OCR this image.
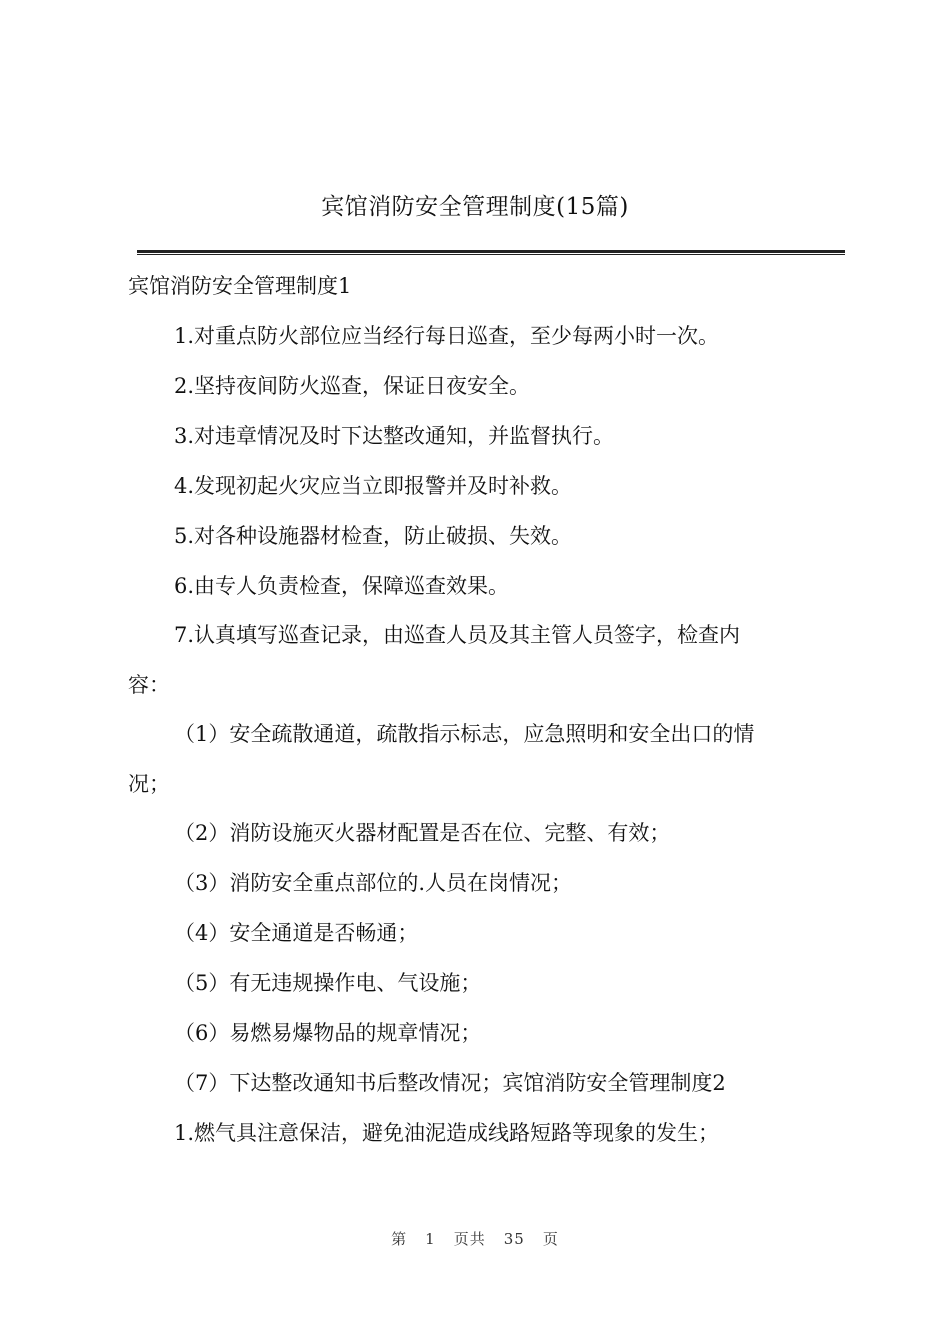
宾馆消防安全管理制度(15篇)
宾馆消防安全管理制度1
1.对重点防火部位应当经行每日巡查，至少每两小时一次。
2.坚持夜间防火巡查，保证日夜安全。
3.对违章情况及时下达整改通知，并监督执行。
4.发现初起火灾应当立即报警并及时补救。
5.对各种设施器材检查，防止破损、失效。
6.由专人负责检查，保障巡查效果。
7.认真填写巡查记录，由巡查人员及其主管人员签字，检查内
容：
（1）安全疏散通道，疏散指示标志，应急照明和安全出口的情
况；
（2）消防设施灭火器材配置是否在位、完整、有效；
（3）消防安全重点部位的.人员在岗情况；
（4）安全通道是否畅通；
（5）有无违规操作电、气设施；
（6）易燃易爆物品的规章情况；
（7）下达整改通知书后整改情况；宾馆消防安全管理制度2
1.燃气具注意保洁，避免油泥造成线路短路等现象的发生；
第 1 页共 35 页
